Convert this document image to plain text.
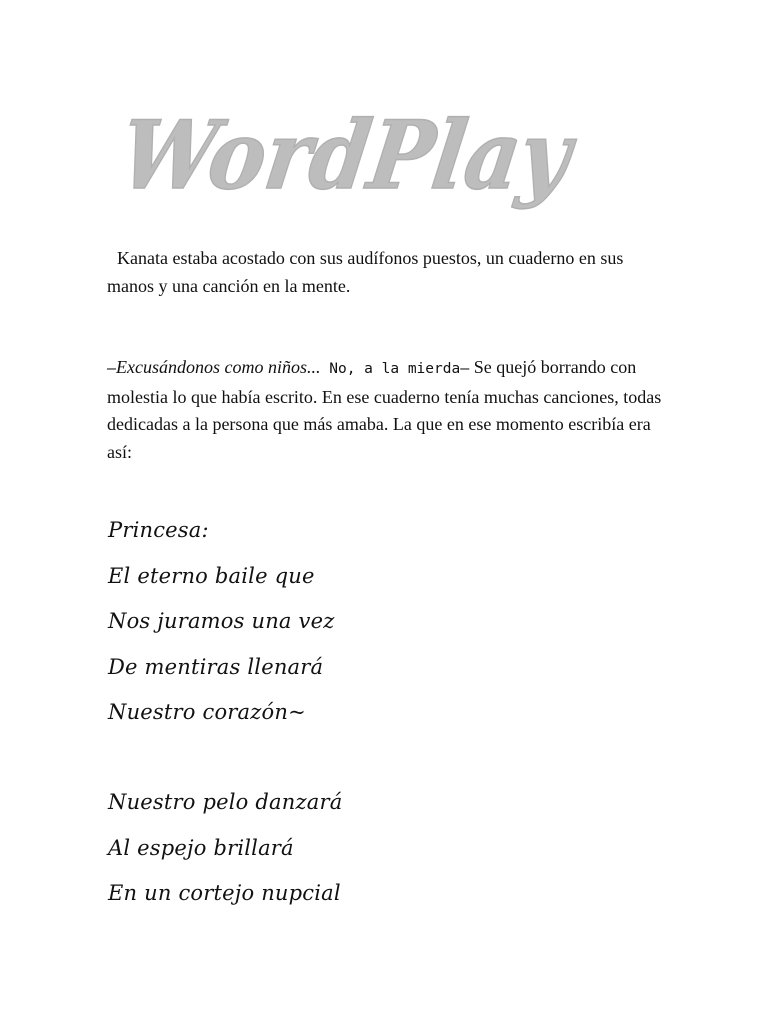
WordPlay

Kanata estaba acostado con sus audífonos puestos, un cuaderno en sus manos y una canción en la mente.

–Excusándonos como niños... No, a la mierda– Se quejó borrando con molestia lo que había escrito. En ese cuaderno tenía muchas canciones, todas dedicadas a la persona que más amaba. La que en ese momento escribía era así:

Princesa:
El eterno baile que
Nos juramos una vez
De mentiras llenará
Nuestro corazón~
Nuestro pelo danzará
Al espejo brillará
En un cortejo nupcial
